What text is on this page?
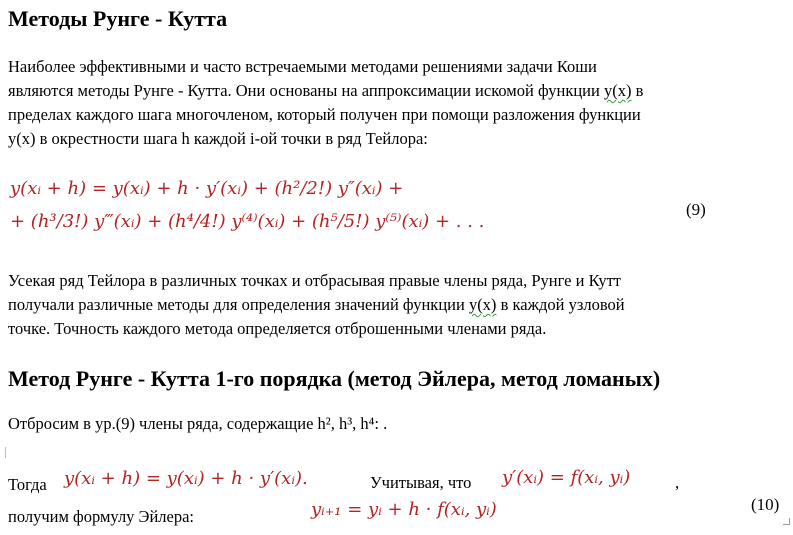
Методы Рунге - Кутта
Наиболее эффективными и часто встречаемыми методами решениями задачи Коши
являются методы Рунге - Кутта. Они основаны на аппроксимации искомой функции y(x) в
пределах каждого шага многочленом, который получен при помощи разложения функции
y(x) в окрестности шага h каждой i-ой точки в ряд Тейлора:
y(xᵢ + h) = y(xᵢ) + h · y′(xᵢ) + (h²/2!) y″(xᵢ) +
+ (h³/3!) y‴(xᵢ) + (h⁴/4!) y⁽⁴⁾(xᵢ) + (h⁵/5!) y⁽⁵⁾(xᵢ) + . . .
(9)
Усекая ряд Тейлора в различных точках и отбрасывая правые члены ряда, Рунге и Кутт
получали различные методы для определения значений функции y(x) в каждой узловой
точке. Точность каждого метода определяется отброшенными членами ряда.
Метод Рунге - Кутта 1-го порядка (метод Эйлера, метод ломаных)
Отбросим в ур.(9) члены ряда, содержащие h², h³, h⁴: .
Тогда y(xᵢ + h) = y(xᵢ) + h · y′(xᵢ).	Учитывая, что y′(xᵢ) = f(xᵢ, yᵢ)	,
получим формулу Эйлера:	yᵢ₊₁ = yᵢ + h · f(xᵢ, yᵢ)	(10)
